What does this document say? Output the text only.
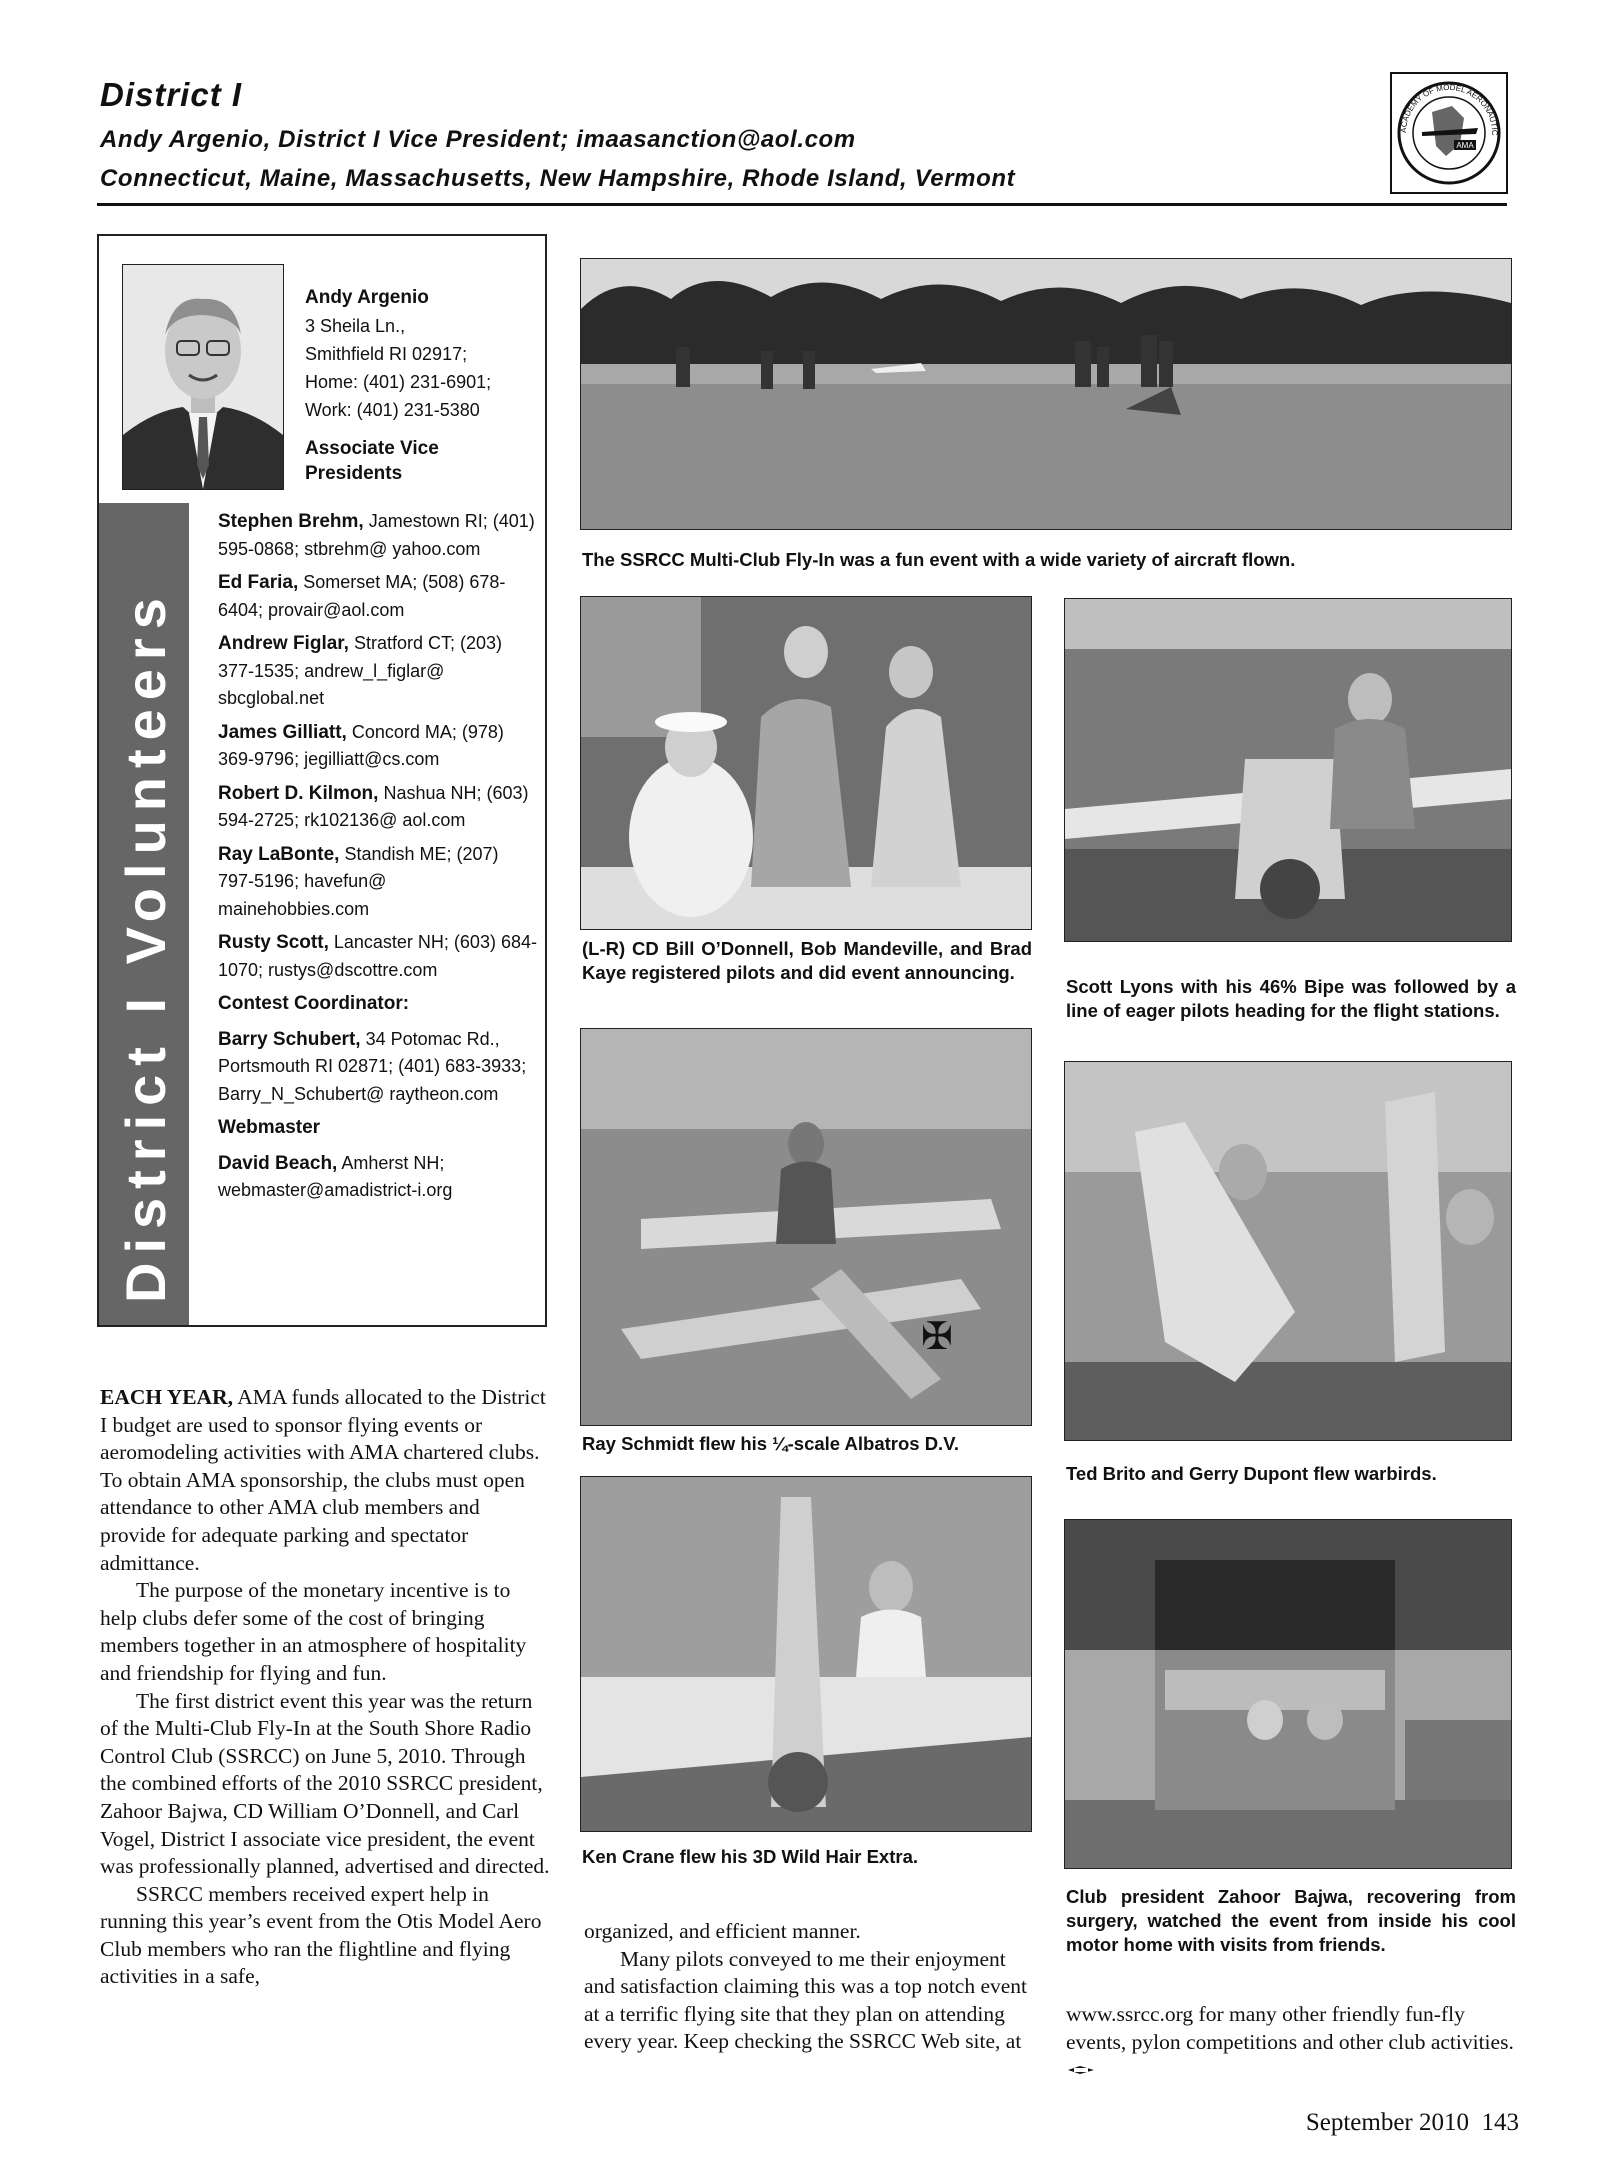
District I
Andy Argenio, District I Vice President; imaasanction@aol.com
Connecticut, Maine, Massachusetts, New Hampshire, Rhode Island, Vermont
AMA
ACADEMY OF MODEL AERONAUTIC
District I Volunteers
Andy Argenio
3 Sheila Ln.,
Smithfield RI 02917;
Home: (401) 231-6901;
Work: (401) 231-5380
Associate Vice
Presidents
Stephen Brehm, Jamestown RI; (401) 595-0868; stbrehm@ yahoo.com
Ed Faria, Somerset MA; (508) 678-6404; provair@aol.com
Andrew Figlar, Stratford CT; (203) 377-1535; andrew_l_figlar@ sbcglobal.net
James Gilliatt, Concord MA; (978) 369-9796; jegilliatt@cs.com
Robert D. Kilmon, Nashua NH; (603) 594-2725; rk102136@ aol.com
Ray LaBonte, Standish ME; (207) 797-5196; havefun@ mainehobbies.com
Rusty Scott, Lancaster NH; (603) 684-1070; rustys@dscottre.com
Contest Coordinator:
Barry Schubert, 34 Potomac Rd., Portsmouth RI 02871; (401) 683-3933; Barry_N_Schubert@ raytheon.com
Webmaster
David Beach, Amherst NH; webmaster@amadistrict-i.org

EACH YEAR, AMA funds allocated to the District I budget are used to sponsor flying events or aeromodeling activities with AMA chartered clubs. To obtain AMA sponsorship, the clubs must open attendance to other AMA club members and provide for adequate parking and spectator admittance.

The purpose of the monetary incentive is to help clubs defer some of the cost of bringing members together in an atmosphere of hospitality and friendship for flying and fun.

The first district event this year was the return of the Multi-Club Fly-In at the South Shore Radio Control Club (SSRCC) on June 5, 2010. Through the combined efforts of the 2010 SSRCC president, Zahoor Bajwa, CD William O’Donnell, and Carl Vogel, District I associate vice president, the event was professionally planned, advertised and directed.

SSRCC members received expert help in running this year’s event from the Otis Model Aero Club members who ran the flightline and flying activities in a safe,

organized, and efficient manner.

Many pilots conveyed to me their enjoyment and satisfaction claiming this was a top notch event at a terrific flying site that they plan on attending every year. Keep checking the SSRCC Web site, at

www.ssrcc.org for many other friendly fun-fly events, pylon competitions and other club activities.

The SSRCC Multi-Club Fly-In was a fun event with a wide variety of aircraft flown.
(L-R) CD Bill O’Donnell, Bob Mandeville, and Brad Kaye registered pilots and did event announcing.
Scott Lyons with his 46% Bipe was followed by a line of eager pilots heading for the flight stations.
✠
Ray Schmidt flew his ¼-scale Albatros D.V.
Ted Brito and Gerry Dupont flew warbirds.
Ken Crane flew his 3D Wild Hair Extra.
Club president Zahoor Bajwa, recovering from surgery, watched the event from inside his cool motor home with visits from friends.
September 2010 143
